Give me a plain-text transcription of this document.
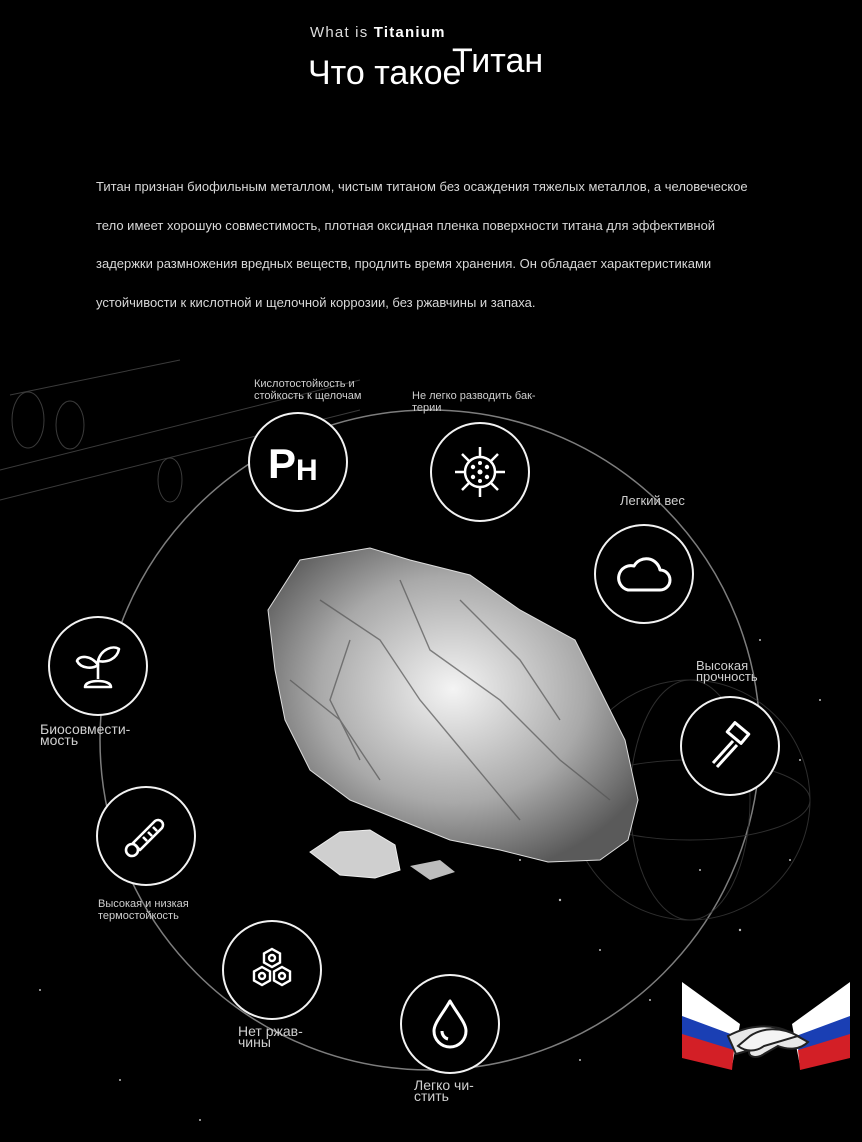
What is Titanium
Что такое
Титан
Титан признан биофильным металлом, чистым титаном без осаждения тяжелых металлов, а человеческое тело имеет хорошую совместимость, плотная оксидная пленка поверхности титана для эффективной задержки размножения вредных веществ, продлить время хранения. Он обладает характеристиками устойчивости к кислотной и щелочной коррозии, без ржавчины и запаха.
P H
Кислотостойкость и
стойкость к щелочам	Не легко разводить бак-
терии
Легкий вес
Высокая
прочность
Биосовмести-
мость
Высокая и низкая
термостойкость
Нет ржав-
чины
Легко чи-
стить
